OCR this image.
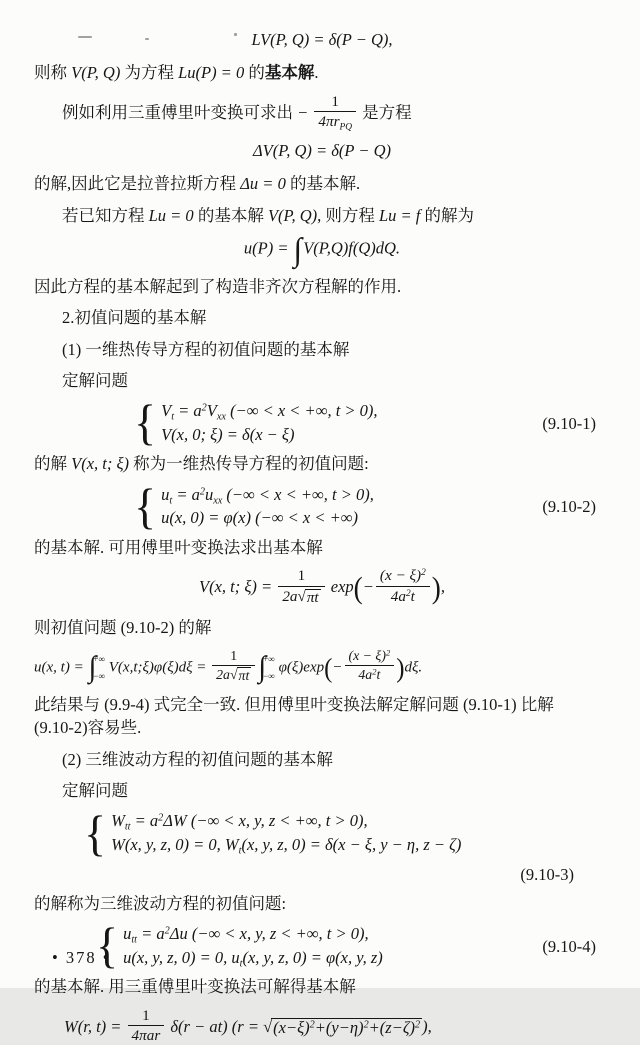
LV(P, Q) = δ(P − Q),

则称 V(P, Q) 为方程 Lu(P) = 0 的基本解.

例如利用三重傅里叶变换可求出 − $\frac{1}{4\pi r_{PQ}}$ 是方程

ΔV(P, Q) = δ(P − Q)

的解,因此它是拉普拉斯方程 Δu = 0 的基本解.

若已知方程 Lu = 0 的基本解 V(P, Q), 则方程 Lu = f 的解为

u(P) = ∫ V(P,Q)f(Q)dQ.

因此方程的基本解起到了构造非齐次方程解的作用.

2.初值问题的基本解

(1) 一维热传导方程的初值问题的基本解

定解问题

{ $V_t = a^2V_{xx}$ (−∞ < x < +∞, t > 0),
V(x, 0; ξ) = δ(x − ξ)
(9.10-1)

的解 V(x, t; ξ) 称为一维热传导方程的初值问题:

{ $u_t = a^2u_{xx}$ (−∞ < x < +∞, t > 0),
u(x, 0) = φ(x) (−∞ < x < +∞)
(9.10-2)

的基本解. 可用傅里叶变换法求出基本解

V(x, t; $\xi) = \frac{1}{2a √ \pi t} \exp(- \frac{(x - \xi)^2}{4a^2t}$ ),

则初值问题 (9.10-2) 的解

u(x, t) = ∫
+∞
−∞
V(x,t;ξ)φ(ξ)dξ = $\frac{1}{2a √ \pi t}$ ∫
+∞
−∞
$\varphi(\xi)\exp(- \frac{(x - \xi)^2}{4a^2t} )d\xi$.

此结果与 (9.9-4) 式完全一致. 但用傅里叶变换法解定解问题 (9.10-1) 比解
(9.10-2)容易些.

(2) 三维波动方程的初值问题的基本解

定解问题

{ $W_{tt} = a^2\Delta W$ (−∞ < x, y, z < +∞, t > 0),
W(x, y, z, 0) = 0, $W_t(x$, y, z, 0) = δ(x − ξ, y − η, z − ζ)
(9.10-3)

的解称为三维波动方程的初值问题:

{ $u_{tt} = a^2\Delta u$ (−∞ < x, y, z < +∞, t > 0),
u(x, y, z, 0) = 0, $u_t(x$, y, z, 0) = φ(x, y, z)
(9.10-4)

的基本解. 用三重傅里叶变换法可解得基本解

W(r, $t) = \frac{1}{\text{4πar}} \delta(r - at) (r$ = √ $(x-\xi)^2+(y-\eta)^2+(z-\zeta)^2$ ),
• 378 •
